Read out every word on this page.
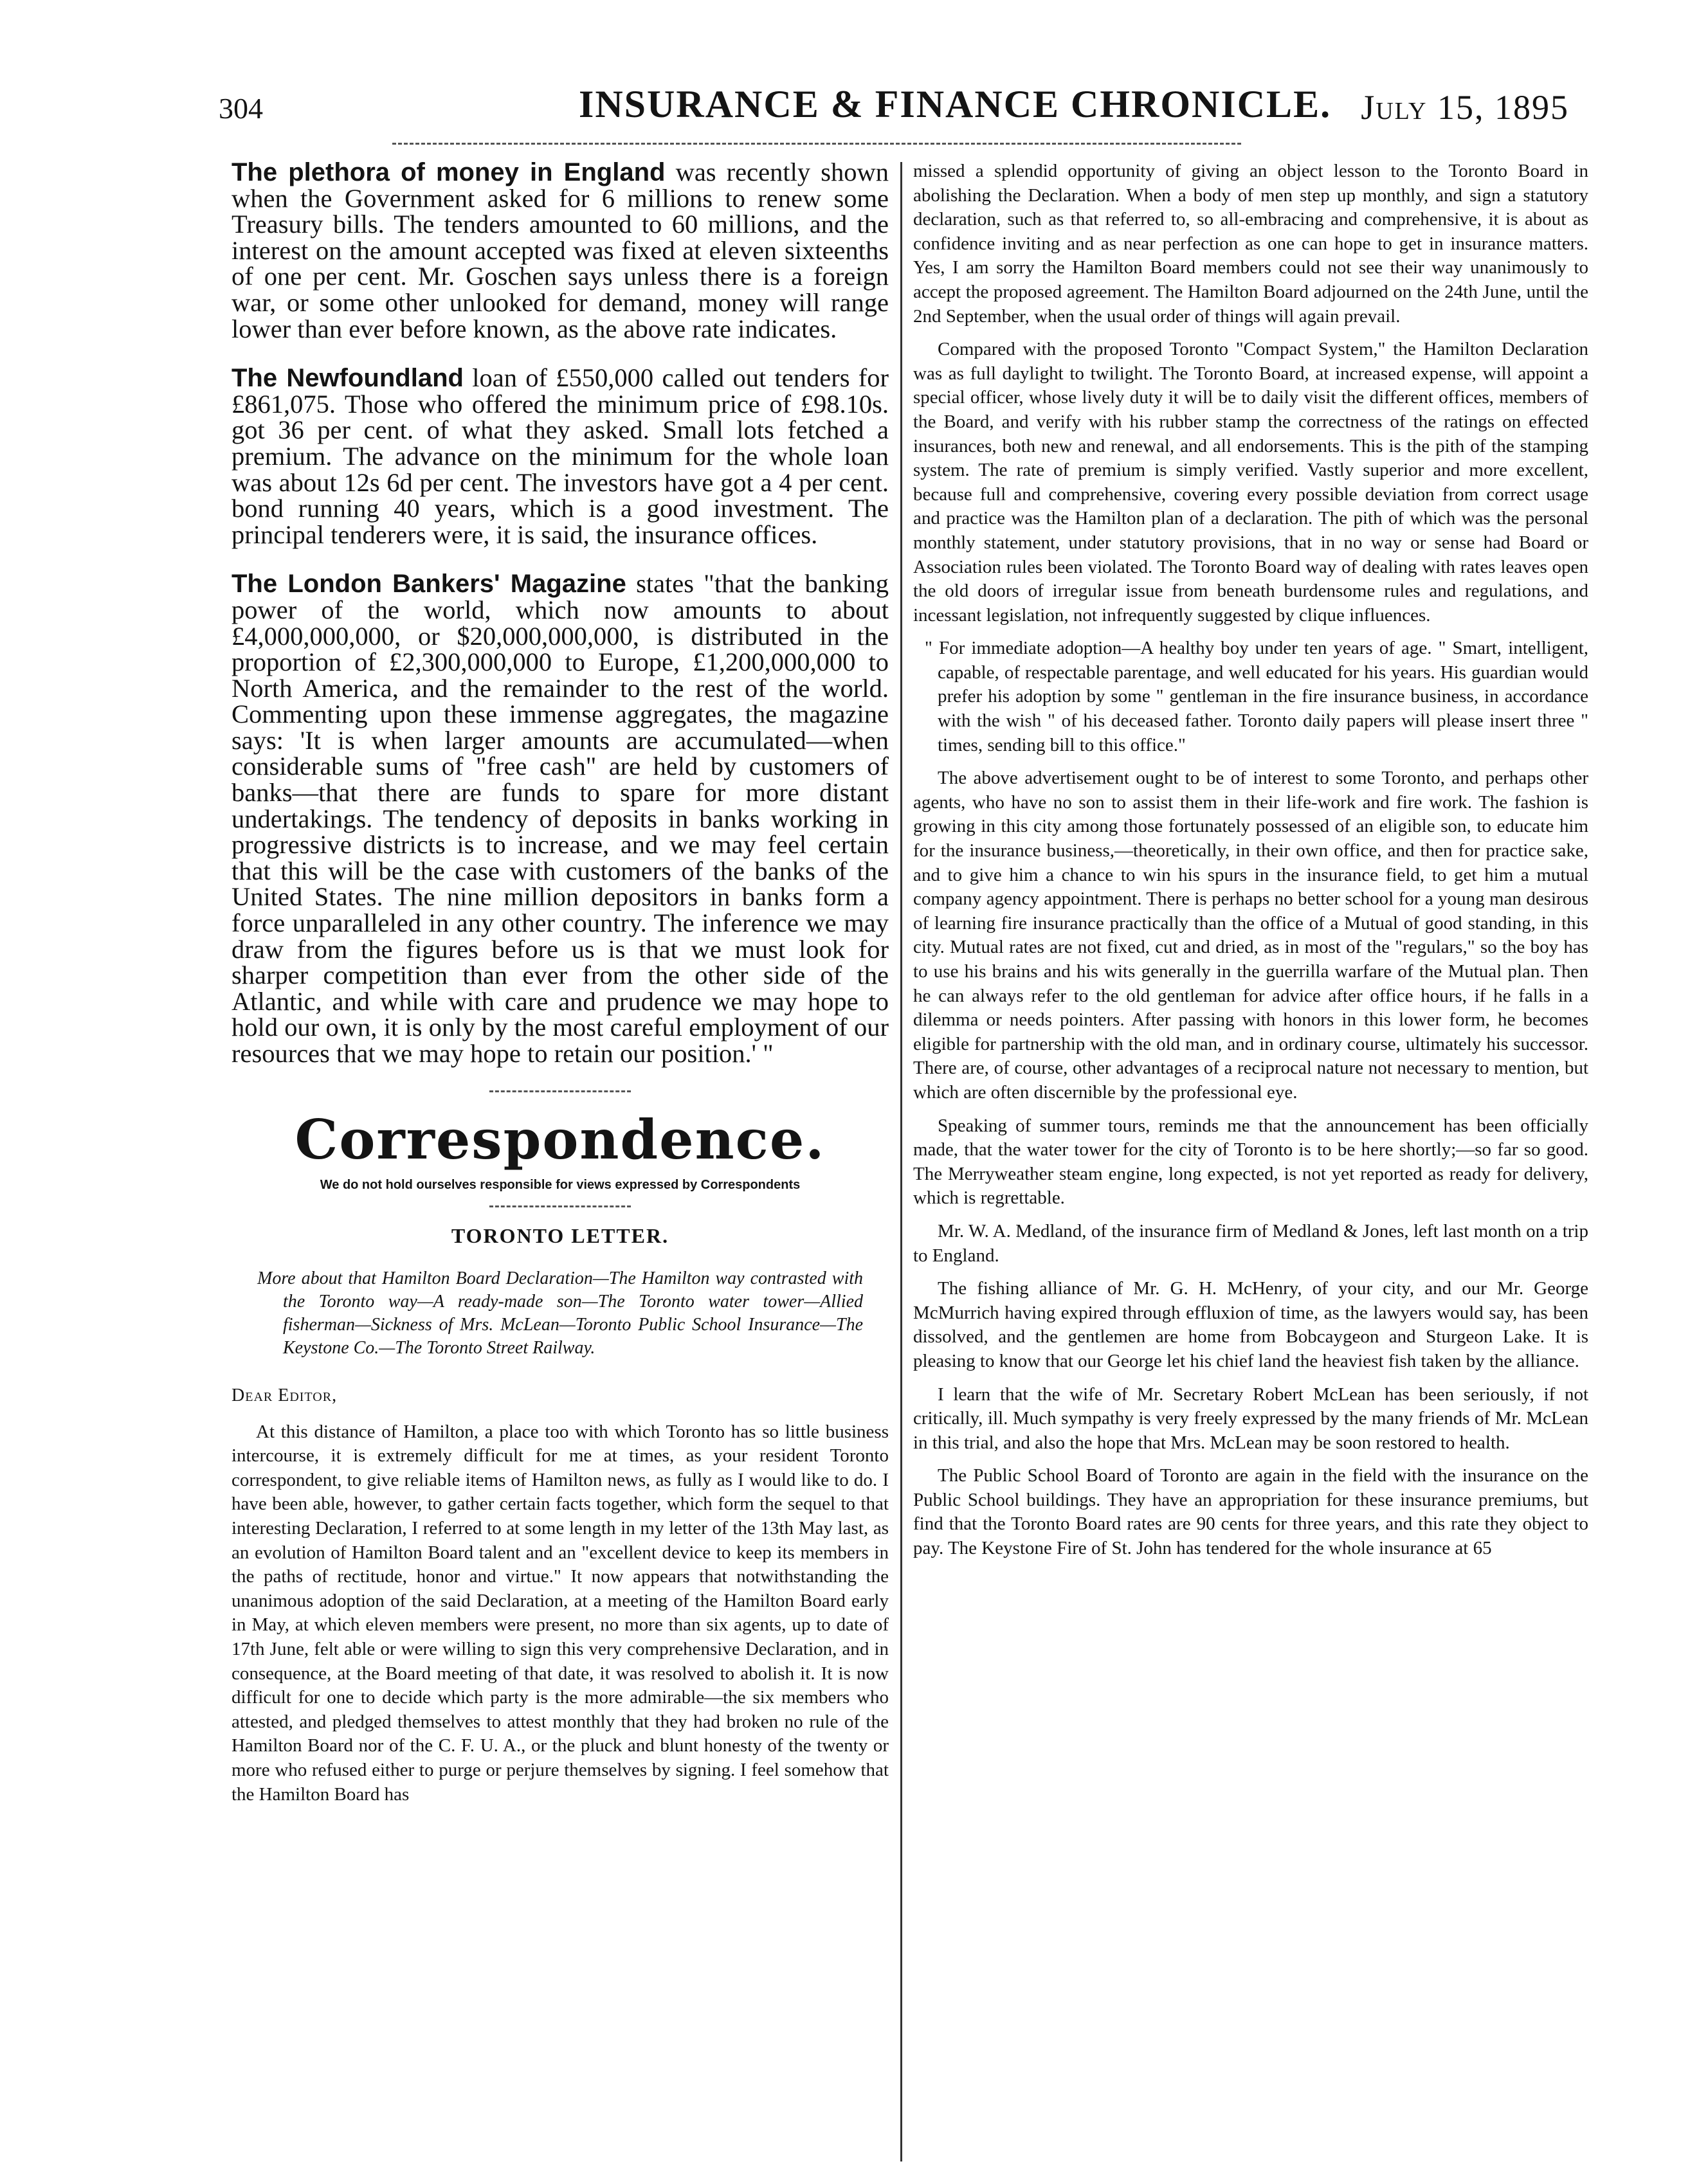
304	INSURANCE & FINANCE CHRONICLE. July 15, 1895

The plethora of money in England was recently shown when the Government asked for 6 millions to renew some Treasury bills. The tenders amounted to 60 millions, and the interest on the amount accepted was fixed at eleven sixteenths of one per cent. Mr. Goschen says unless there is a foreign war, or some other unlooked for demand, money will range lower than ever before known, as the above rate indicates.

The Newfoundland loan of £550,000 called out tenders for £861,075. Those who offered the minimum price of £98.10s. got 36 per cent. of what they asked. Small lots fetched a premium. The advance on the minimum for the whole loan was about 12s 6d per cent. The investors have got a 4 per cent. bond running 40 years, which is a good investment. The principal tenderers were, it is said, the insurance offices.

The London Bankers' Magazine states "that the banking power of the world, which now amounts to about £4,000,000,000, or $20,000,000,000, is distributed in the proportion of £2,300,000,000 to Europe, £1,200,000,000 to North America, and the remainder to the rest of the world. Commenting upon these immense aggregates, the magazine says: 'It is when larger amounts are accumulated—when considerable sums of "free cash" are held by customers of banks—that there are funds to spare for more distant undertakings. The tendency of deposits in banks working in progressive districts is to increase, and we may feel certain that this will be the case with customers of the banks of the United States. The nine million depositors in banks form a force unparalleled in any other country. The inference we may draw from the figures before us is that we must look for sharper competition than ever from the other side of the Atlantic, and while with care and prudence we may hope to hold our own, it is only by the most careful employment of our resources that we may hope to retain our position.' "

Correspondence.
We do not hold ourselves responsible for views expressed by Correspondents
TORONTO LETTER.

More about that Hamilton Board Declaration—The Hamilton way contrasted with the Toronto way—A ready-made son—The Toronto water tower—Allied fisherman—Sickness of Mrs. McLean—Toronto Public School Insurance—The Keystone Co.—The Toronto Street Railway.

Dear Editor,

At this distance of Hamilton, a place too with which Toronto has so little business intercourse, it is extremely difficult for me at times, as your resident Toronto correspondent, to give reliable items of Hamilton news, as fully as I would like to do. I have been able, however, to gather certain facts together, which form the sequel to that interesting Declaration, I referred to at some length in my letter of the 13th May last, as an evolution of Hamilton Board talent and an "excellent device to keep its members in the paths of rectitude, honor and virtue." It now appears that notwithstanding the unanimous adoption of the said Declaration, at a meeting of the Hamilton Board early in May, at which eleven members were present, no more than six agents, up to date of 17th June, felt able or were willing to sign this very comprehensive Declaration, and in consequence, at the Board meeting of that date, it was resolved to abolish it. It is now difficult for one to decide which party is the more admirable—the six members who attested, and pledged themselves to attest monthly that they had broken no rule of the Hamilton Board nor of the C. F. U. A., or the pluck and blunt honesty of the twenty or more who refused either to purge or perjure themselves by signing. I feel somehow that the Hamilton Board has

missed a splendid opportunity of giving an object lesson to the Toronto Board in abolishing the Declaration. When a body of men step up monthly, and sign a statutory declaration, such as that referred to, so all-embracing and comprehensive, it is about as confidence inviting and as near perfection as one can hope to get in insurance matters. Yes, I am sorry the Hamilton Board members could not see their way unanimously to accept the proposed agreement. The Hamilton Board adjourned on the 24th June, until the 2nd September, when the usual order of things will again prevail.

Compared with the proposed Toronto "Compact System," the Hamilton Declaration was as full daylight to twilight. The Toronto Board, at increased expense, will appoint a special officer, whose lively duty it will be to daily visit the different offices, members of the Board, and verify with his rubber stamp the correctness of the ratings on effected insurances, both new and renewal, and all endorsements. This is the pith of the stamping system. The rate of premium is simply verified. Vastly superior and more excellent, because full and comprehensive, covering every possible deviation from correct usage and practice was the Hamilton plan of a declaration. The pith of which was the personal monthly statement, under statutory provisions, that in no way or sense had Board or Association rules been violated. The Toronto Board way of dealing with rates leaves open the old doors of irregular issue from beneath burdensome rules and regulations, and incessant legislation, not infrequently suggested by clique influences.

" For immediate adoption—A healthy boy under ten years of age. " Smart, intelligent, capable, of respectable parentage, and well educated for his years. His guardian would prefer his adoption by some " gentleman in the fire insurance business, in accordance with the wish " of his deceased father. Toronto daily papers will please insert three " times, sending bill to this office."

The above advertisement ought to be of interest to some Toronto, and perhaps other agents, who have no son to assist them in their life-work and fire work. The fashion is growing in this city among those fortunately possessed of an eligible son, to educate him for the insurance business,—theoretically, in their own office, and then for practice sake, and to give him a chance to win his spurs in the insurance field, to get him a mutual company agency appointment. There is perhaps no better school for a young man desirous of learning fire insurance practically than the office of a Mutual of good standing, in this city. Mutual rates are not fixed, cut and dried, as in most of the "regulars," so the boy has to use his brains and his wits generally in the guerrilla warfare of the Mutual plan. Then he can always refer to the old gentleman for advice after office hours, if he falls in a dilemma or needs pointers. After passing with honors in this lower form, he becomes eligible for partnership with the old man, and in ordinary course, ultimately his successor. There are, of course, other advantages of a reciprocal nature not necessary to mention, but which are often discernible by the professional eye.

Speaking of summer tours, reminds me that the announcement has been officially made, that the water tower for the city of Toronto is to be here shortly;—so far so good. The Merryweather steam engine, long expected, is not yet reported as ready for delivery, which is regrettable.

Mr. W. A. Medland, of the insurance firm of Medland & Jones, left last month on a trip to England.

The fishing alliance of Mr. G. H. McHenry, of your city, and our Mr. George McMurrich having expired through effluxion of time, as the lawyers would say, has been dissolved, and the gentlemen are home from Bobcaygeon and Sturgeon Lake. It is pleasing to know that our George let his chief land the heaviest fish taken by the alliance.

I learn that the wife of Mr. Secretary Robert McLean has been seriously, if not critically, ill. Much sympathy is very freely expressed by the many friends of Mr. McLean in this trial, and also the hope that Mrs. McLean may be soon restored to health.

The Public School Board of Toronto are again in the field with the insurance on the Public School buildings. They have an appropriation for these insurance premiums, but find that the Toronto Board rates are 90 cents for three years, and this rate they object to pay. The Keystone Fire of St. John has tendered for the whole insurance at 65
